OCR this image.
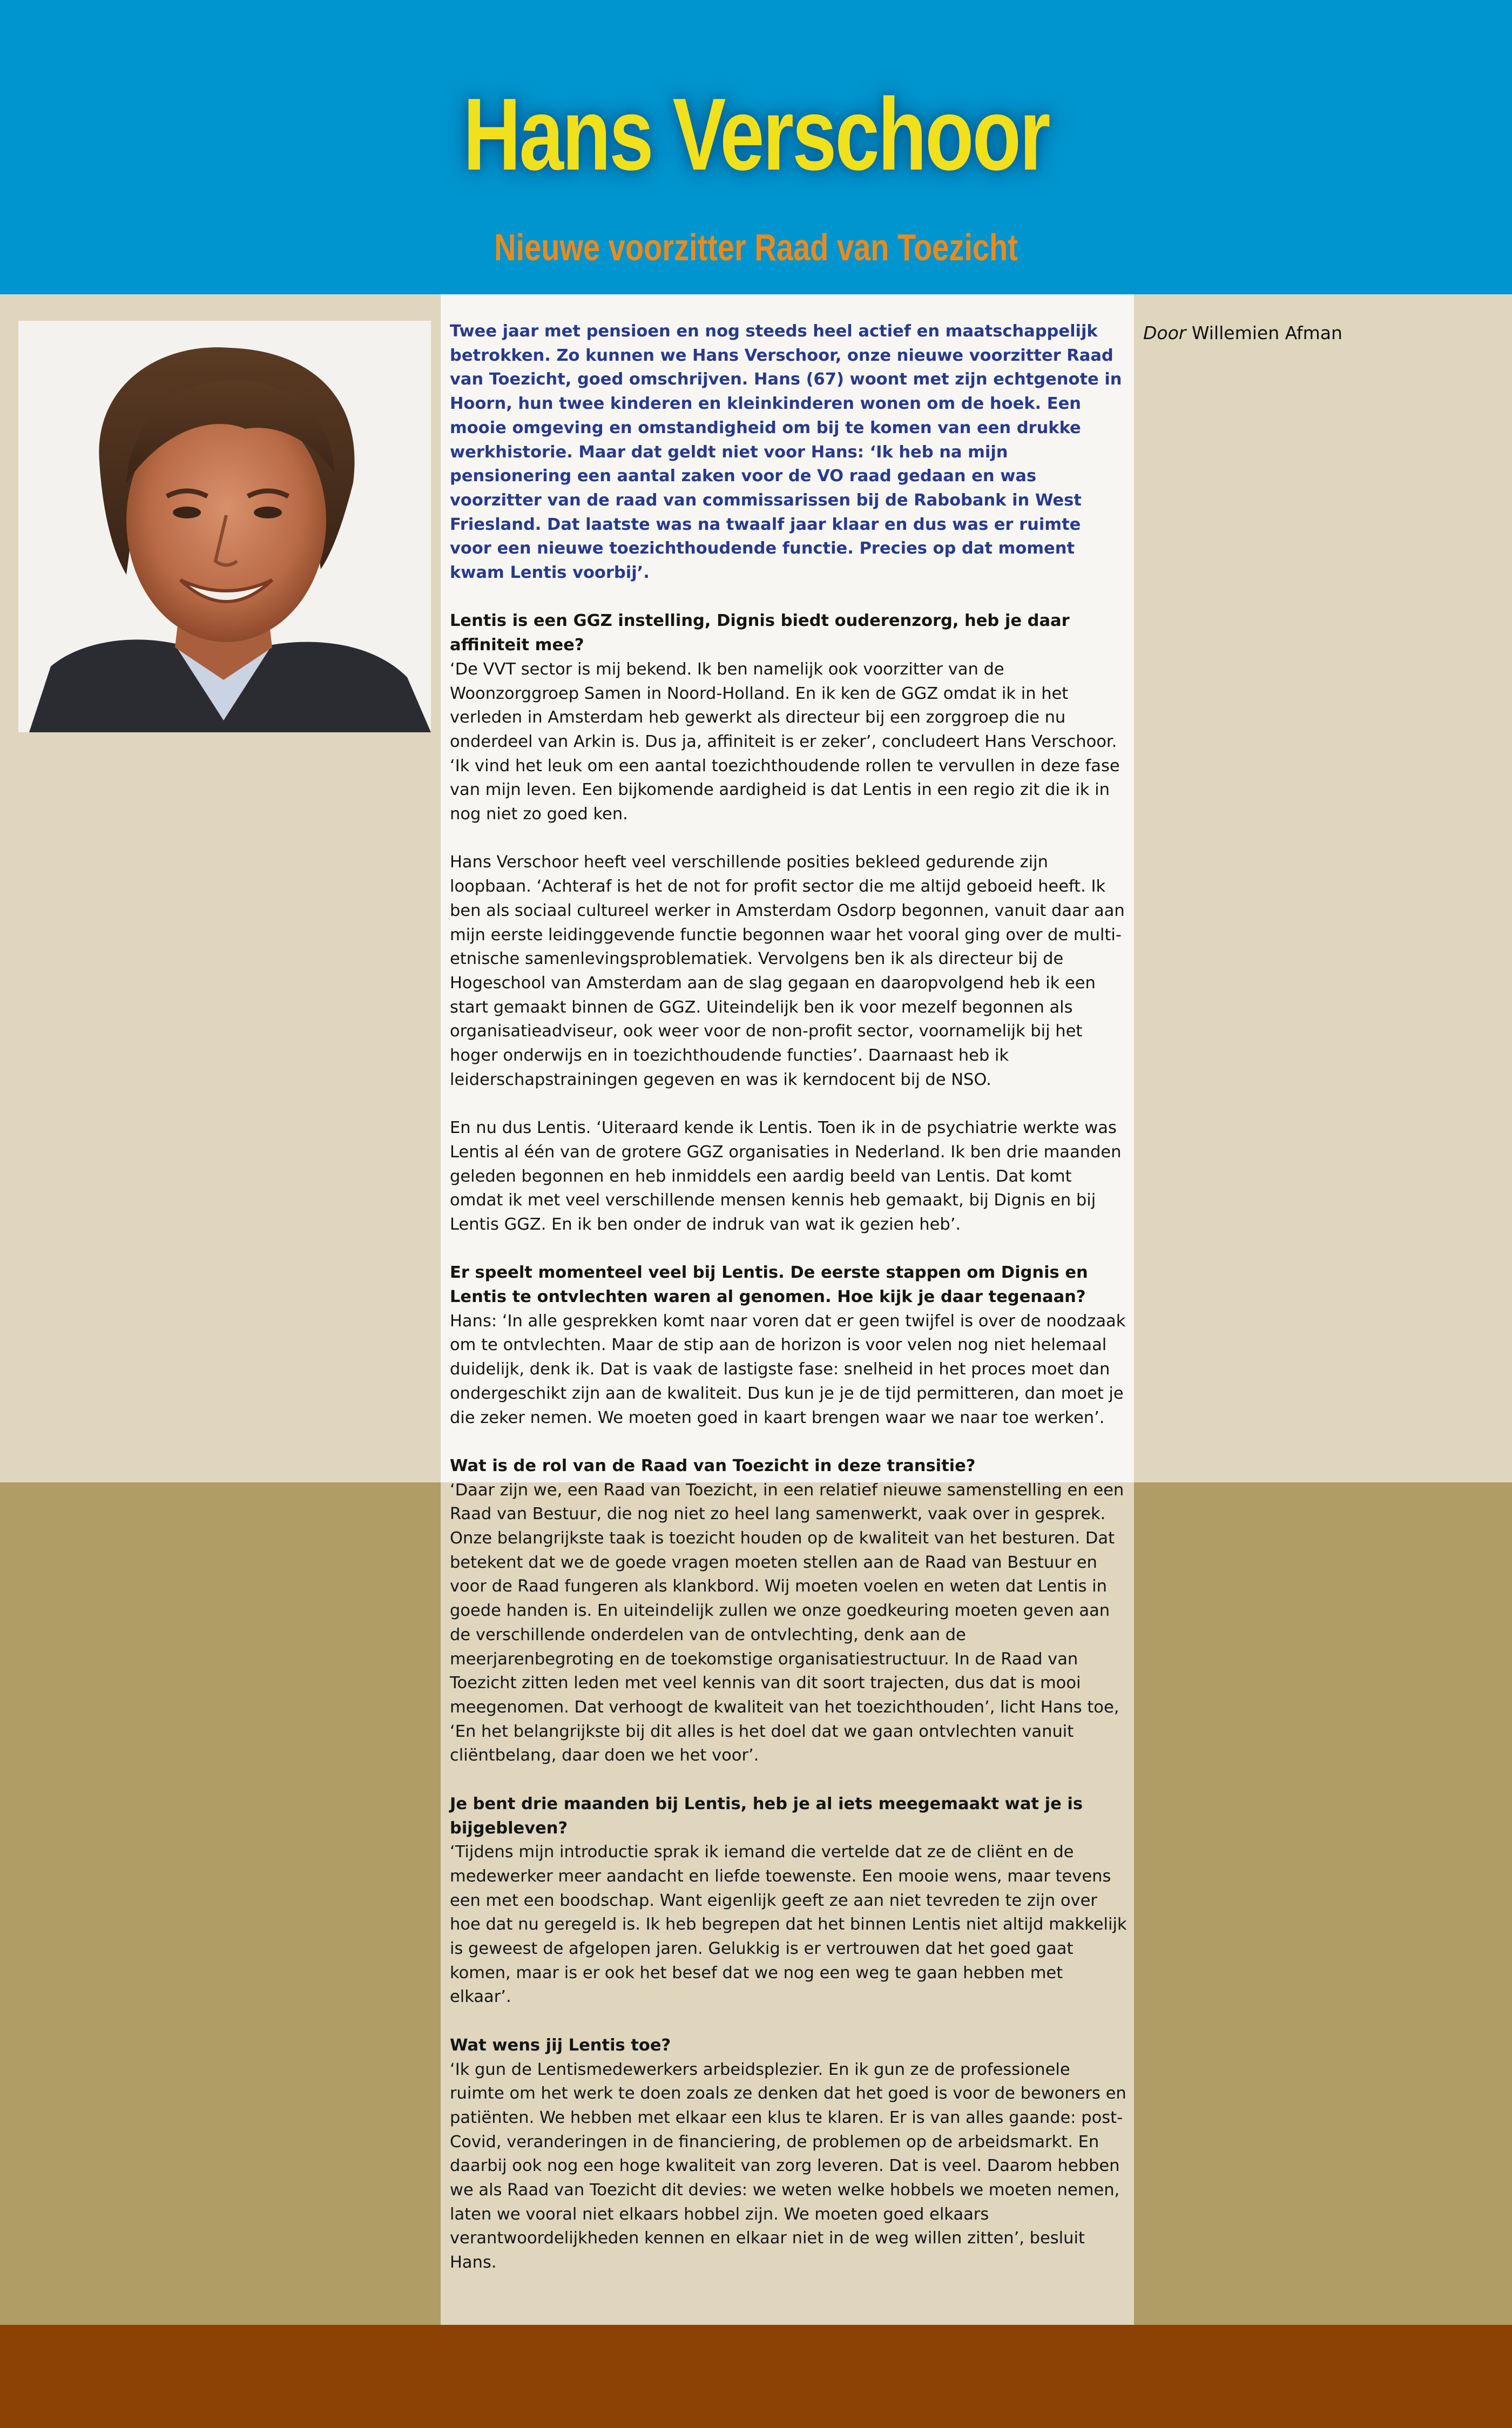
Hans Verschoor
Nieuwe voorzitter Raad van Toezicht
Door Willemien Afman

Twee jaar met pensioen en nog steeds heel actief en maatschappelijk betrokken. Zo kunnen we Hans Verschoor, onze nieuwe voorzitter Raad van Toezicht, goed omschrijven. Hans (67) woont met zijn echtgenote in Hoorn, hun twee kinderen en kleinkinderen wonen om de hoek. Een mooie omgeving en omstandigheid om bij te komen van een drukke werkhistorie. Maar dat geldt niet voor Hans: ‘Ik heb na mijn pensionering een aantal zaken voor de VO raad gedaan en was voorzitter van de raad van commissarissen bij de Rabobank in West Friesland. Dat laatste was na twaalf jaar klaar en dus was er ruimte voor een nieuwe toezichthoudende functie. Precies op dat moment kwam Lentis voorbij’.

Lentis is een GGZ instelling, Dignis biedt ouderenzorg, heb je daar affiniteit mee?
‘De VVT sector is mij bekend. Ik ben namelijk ook voorzitter van de Woonzorggroep Samen in Noord-Holland. En ik ken de GGZ omdat ik in het verleden in Amsterdam heb gewerkt als directeur bij een zorggroep die nu onderdeel van Arkin is. Dus ja, affiniteit is er zeker’, concludeert Hans Verschoor. ‘Ik vind het leuk om een aantal toezichthoudende rollen te vervullen in deze fase van mijn leven. Een bijkomende aardigheid is dat Lentis in een regio zit die ik in nog niet zo goed ken.

Hans Verschoor heeft veel verschillende posities bekleed gedurende zijn loopbaan. ‘Achteraf is het de not for profit sector die me altijd geboeid heeft. Ik ben als sociaal cultureel werker in Amsterdam Osdorp begonnen, vanuit daar aan mijn eerste leidinggevende functie begonnen waar het vooral ging over de multi-etnische samenlevingsproblematiek. Vervolgens ben ik als directeur bij de Hogeschool van Amsterdam aan de slag gegaan en daaropvolgend heb ik een start gemaakt binnen de GGZ. Uiteindelijk ben ik voor mezelf begonnen als organisatieadviseur, ook weer voor de non-profit sector, voornamelijk bij het hoger onderwijs en in toezichthoudende functies’. Daarnaast heb ik leiderschapstrainingen gegeven en was ik kerndocent bij de NSO.

En nu dus Lentis. ‘Uiteraard kende ik Lentis. Toen ik in de psychiatrie werkte was Lentis al één van de grotere GGZ organisaties in Nederland. Ik ben drie maanden geleden begonnen en heb inmiddels een aardig beeld van Lentis. Dat komt omdat ik met veel verschillende mensen kennis heb gemaakt, bij Dignis en bij Lentis GGZ. En ik ben onder de indruk van wat ik gezien heb’.

Er speelt momenteel veel bij Lentis. De eerste stappen om Dignis en Lentis te ontvlechten waren al genomen. Hoe kijk je daar tegenaan?
Hans: ‘In alle gesprekken komt naar voren dat er geen twijfel is over de noodzaak om te ontvlechten. Maar de stip aan de horizon is voor velen nog niet helemaal duidelijk, denk ik. Dat is vaak de lastigste fase: snelheid in het proces moet dan ondergeschikt zijn aan de kwaliteit. Dus kun je je de tijd permitteren, dan moet je die zeker nemen. We moeten goed in kaart brengen waar we naar toe werken’.

Wat is de rol van de Raad van Toezicht in deze transitie?
‘Daar zijn we, een Raad van Toezicht, in een relatief nieuwe samenstelling en een Raad van Bestuur, die nog niet zo heel lang samenwerkt, vaak over in gesprek. Onze belangrijkste taak is toezicht houden op de kwaliteit van het besturen. Dat betekent dat we de goede vragen moeten stellen aan de Raad van Bestuur en voor de Raad fungeren als klankbord. Wij moeten voelen en weten dat Lentis in goede handen is. En uiteindelijk zullen we onze goedkeuring moeten geven aan de verschillende onderdelen van de ontvlechting, denk aan de meerjarenbegroting en de toekomstige organisatiestructuur. In de Raad van Toezicht zitten leden met veel kennis van dit soort trajecten, dus dat is mooi meegenomen. Dat verhoogt de kwaliteit van het toezichthouden’, licht Hans toe, ‘En het belangrijkste bij dit alles is het doel dat we gaan ontvlechten vanuit cliëntbelang, daar doen we het voor’.

Je bent drie maanden bij Lentis, heb je al iets meegemaakt wat je is bijgebleven?
‘Tijdens mijn introductie sprak ik iemand die vertelde dat ze de cliënt en de medewerker meer aandacht en liefde toewenste. Een mooie wens, maar tevens een met een boodschap. Want eigenlijk geeft ze aan niet tevreden te zijn over hoe dat nu geregeld is. Ik heb begrepen dat het binnen Lentis niet altijd makkelijk is geweest de afgelopen jaren. Gelukkig is er vertrouwen dat het goed gaat komen, maar is er ook het besef dat we nog een weg te gaan hebben met elkaar’.

Wat wens jij Lentis toe?
‘Ik gun de Lentismedewerkers arbeidsplezier. En ik gun ze de professionele ruimte om het werk te doen zoals ze denken dat het goed is voor de bewoners en patiënten. We hebben met elkaar een klus te klaren. Er is van alles gaande: post-Covid, veranderingen in de financiering, de problemen op de arbeidsmarkt. En daarbij ook nog een hoge kwaliteit van zorg leveren. Dat is veel. Daarom hebben we als Raad van Toezicht dit devies: we weten welke hobbels we moeten nemen, laten we vooral niet elkaars hobbel zijn. We moeten goed elkaars verantwoordelijkheden kennen en elkaar niet in de weg willen zitten’, besluit Hans.
